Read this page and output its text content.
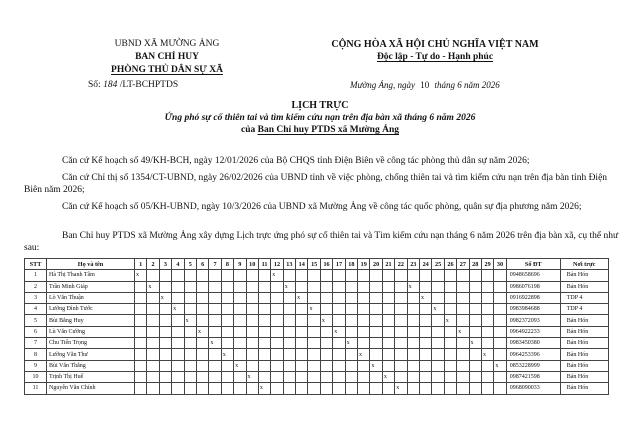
UBND XÃ MƯỜNG ẢNG
BAN CHỈ HUY
PHÒNG THỦ DÂN SỰ XÃ
Số: 184 /LT-BCHPTDS
CỘNG HÒA XÃ HỘI CHỦ NGHĨA VIỆT NAM
Độc lập - Tự do - Hạnh phúc
Mường Ảng, ngày 10 tháng 6 năm 2026
LỊCH TRỰC
Ứng phó sự cố thiên tai và tìm kiếm cứu nạn trên địa bàn xã tháng 6 năm 2026
của Ban Chỉ huy PTDS xã Mường Ảng
Căn cứ Kế hoạch số 49/KH-BCH, ngày 12/01/2026 của Bộ CHQS tỉnh Điện Biên về công tác phòng thủ dân sự năm 2026;
Căn cứ Chỉ thị số 1354/CT-UBND, ngày 26/02/2026 của UBND tỉnh về việc phòng, chống thiên tai và tìm kiếm cứu nạn trên địa bàn tỉnh Điện Biên năm 2026;
Căn cứ Kế hoạch số 05/KH-UBND, ngày 10/3/2026 của UBND xã Mường Ảng về công tác quốc phòng, quân sự địa phương năm 2026;
Ban Chỉ huy PTDS xã Mường Ảng xây dựng Lịch trực ứng phó sự cố thiên tai và Tìm kiếm cứu nạn tháng 6 năm 2026 trên địa bàn xã, cụ thể như sau:
STT	Họ và tên	1	2	3	4	5	6	7	8	9	10	11	12	13	14	15	16	17	18	19	20	21	22	23	24	25	26	27	28	29	30	Số ĐT	Nơi trực
1	Hà Thị Thanh Tâm	x											x																			0948658696	Bản Hón
2	Trần Minh Giáp		x											x										x								0986076198	Bản Hón
3	Lò Văn Thuận			x											x										x							0916922898	TDP 4
4	Lường Đình Tước				x											x										x						0983984688	TDP 4
5	Bùi Bằng Huy					x											x										x					0982372093	Bản Hón
6	Lù Văn Cường						x											x										x				0964922233	Bản Hón
7	Chu Tiến Trọng							x											x										x			0983450380	Bản Hón
8	Lường Văn Thư								x											x										x		0964253396	Bản Hón
9	Bùi Văn Thắng									x											x										x	0853228999	Bản Hón
10	Trịnh Thị Huế										x											x										0987421598	Bản Hón
11	Nguyễn Văn Chính											x											x									0968090033	Bản Hón
